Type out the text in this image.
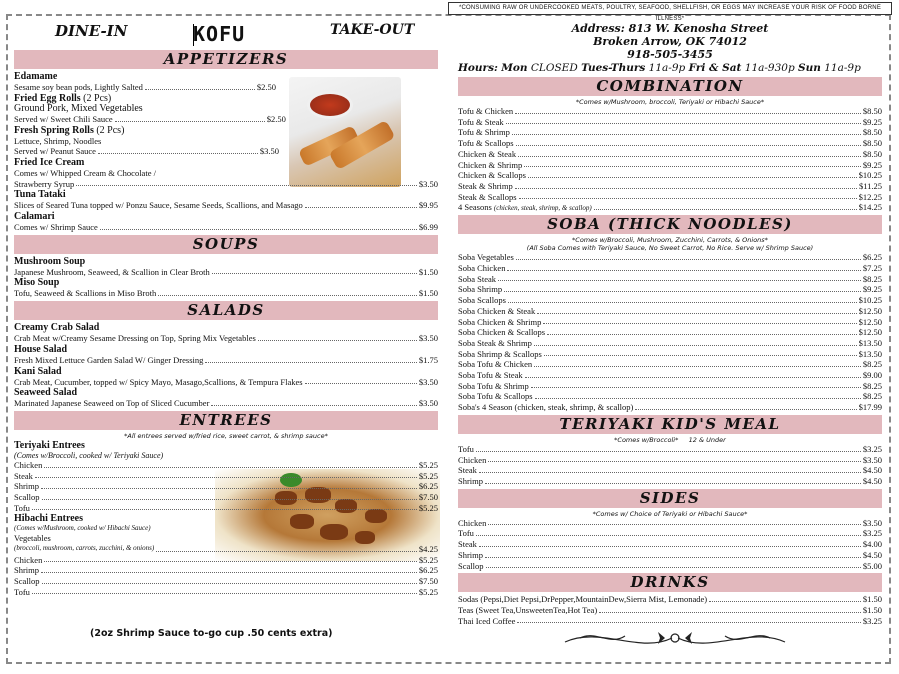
*CONSUMING RAW OR UNDERCOOKED MEATS, POULTRY, SEAFOOD, SHELLFISH, OR EGGS MAY INCREASE YOUR RISK OF FOOD BORNE ILLNESS*
DINE-IN	KOFU	TAKE-OUT
APPETIZERS
Edamame
Sesame soy bean pods, Lightly Salted	$2.50
Fried Egg Rolls (2 Pcs)
Ground Pork, Mixed Vegetables
Served w/ Sweet Chili Sauce	$2.50
Fresh Spring Rolls (2 Pcs)
Lettuce, Shrimp, Noodles
Served w/ Peanut Sauce	$3.50
Fried Ice Cream
Comes w/ Whipped Cream & Chocolate /
Strawberry Syrup	$3.50
Tuna Tataki
Slices of Seared Tuna topped w/ Ponzu Sauce, Sesame Seeds, Scallions, and Masago	$9.95
Calamari
Comes w/ Shrimp Sauce	$6.99
SOUPS
Mushroom Soup
Japanese Mushroom, Seaweed, & Scallion in Clear Broth	$1.50
Miso Soup
Tofu, Seaweed & Scallions in Miso Broth	$1.50
SALADS
Creamy Crab Salad
Crab Meat w/Creamy Sesame Dressing on Top, Spring Mix Vegetables	$3.50
House Salad
Fresh Mixed Lettuce Garden Salad W/ Ginger Dressing	$1.75
Kani Salad
Crab Meat, Cucumber, topped w/ Spicy Mayo, Masago,Scallions, & Tempura Flakes	$3.50
Seaweed Salad
Marinated Japanese Seaweed on Top of Sliced Cucumber	$3.50
ENTREES
*All entrees served w/fried rice, sweet carrot, & shrimp sauce*
Teriyaki Entrees
(Comes w/Broccoli, cooked w/ Teriyaki Sauce)
Chicken	$5.25
Steak	$5.25
Shrimp	$6.25
Scallop	$7.50
Tofu	$5.25
Hibachi Entrees
(Comes w/Mushroom, cooked w/ Hibachi Sauce)
Vegetables
(broccoli, mushroom, carrots, zucchini, & onions)	$4.25
Chicken	$5.25
Shrimp	$6.25
Scallop	$7.50
Tofu	$5.25
(2oz Shrimp Sauce to-go cup .50 cents extra)
Address: 813 W. Kenosha Street
Broken Arrow, OK 74012
918-505-3455
Hours: Mon CLOSED Tues-Thurs 11a-9p Fri & Sat 11a-930p Sun 11a-9p
COMBINATION
*Comes w/Mushroom, broccoli, Teriyaki or Hibachi Sauce*
Tofu & Chicken	$8.50
Tofu & Steak	$9.25
Tofu & Shrimp	$8.50
Tofu & Scallops	$8.50
Chicken & Steak	$8.50
Chicken & Shrimp	$9.25
Chicken & Scallops	$10.25
Steak & Shrimp	$11.25
Steak & Scallops	$12.25
4 Seasons (chicken, steak, shrimp, & scallop)	$14.25
SOBA (THICK NOODLES)
*Comes w/Broccoli, Mushroom, Zucchini, Carrots, & Onions*
(All Soba Comes with Teriyaki Sauce, No Sweet Carrot, No Rice. Serve w/ Shrimp Sauce)
Soba Vegetables	$6.25
Soba Chicken	$7.25
Soba Steak	$8.25
Soba Shrimp	$9.25
Soba Scallops	$10.25
Soba Chicken & Steak	$12.50
Soba Chicken & Shrimp	$12.50
Soba Chicken & Scallops	$12.50
Soba Steak & Shrimp	$13.50
Soba Shrimp & Scallops	$13.50
Soba Tofu & Chicken	$8.25
Soba Tofu & Steak	$9.00
Soba Tofu & Shrimp	$8.25
Soba Tofu & Scallops	$8.25
Soba's 4 Season (chicken, steak, shrimp, & scallop)	$17.99
TERIYAKI KID'S MEAL
*Comes w/Broccoli* 12 & Under
Tofu	$3.25
Chicken	$3.50
Steak	$4.50
Shrimp	$4.50
SIDES
*Comes w/ Choice of Teriyaki or Hibachi Sauce*
Chicken	$3.50
Tofu	$3.25
Steak	$4.00
Shrimp	$4.50
Scallop	$5.00
DRINKS
Sodas (Pepsi,Diet Pepsi,DrPepper,MountainDew,Sierra Mist, Lemonade)	$1.50
Teas (Sweet Tea,UnsweetenTea,Hot Tea)	$1.50
Thai Iced Coffee	$3.25
